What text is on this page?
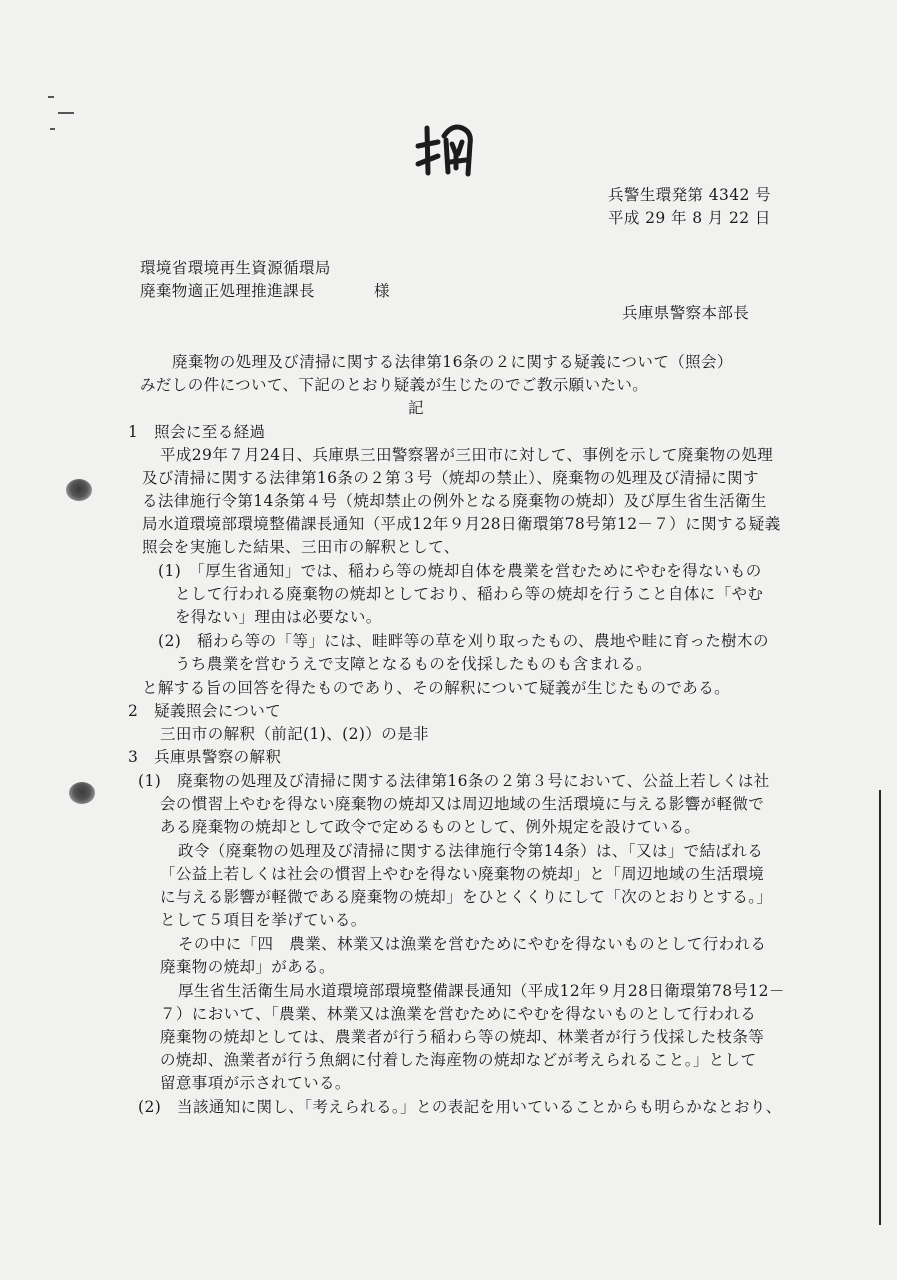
兵警生環発第 4342 号
平成 29 年 8 月 22 日
環境省環境再生資源循環局
廃棄物適正処理推進課長	様
兵庫県警察本部長
廃棄物の処理及び清掃に関する法律第16条の２に関する疑義について（照会）
みだしの件について、下記のとおり疑義が生じたのでご教示願いたい。
記
1　照会に至る経過
平成29年７月24日、兵庫県三田警察署が三田市に対して、事例を示して廃棄物の処理
及び清掃に関する法律第16条の２第３号（焼却の禁止）、廃棄物の処理及び清掃に関す
る法律施行令第14条第４号（焼却禁止の例外となる廃棄物の焼却）及び厚生省生活衛生
局水道環境部環境整備課長通知（平成12年９月28日衛環第78号第12－７）に関する疑義
照会を実施した結果、三田市の解釈として、
(1)　「厚生省通知」では、稲わら等の焼却自体を農業を営むためにやむを得ないもの
として行われる廃棄物の焼却としており、稲わら等の焼却を行うこと自体に「やむ
を得ない」理由は必要ない。
(2)　稲わら等の「等」には、畦畔等の草を刈り取ったもの、農地や畦に育った樹木の
うち農業を営むうえで支障となるものを伐採したものも含まれる。
と解する旨の回答を得たものであり、その解釈について疑義が生じたものである。
2　疑義照会について
三田市の解釈（前記(1)、(2)）の是非
3　兵庫県警察の解釈
(1)　廃棄物の処理及び清掃に関する法律第16条の２第３号において、公益上若しくは社
会の慣習上やむを得ない廃棄物の焼却又は周辺地域の生活環境に与える影響が軽微で
ある廃棄物の焼却として政令で定めるものとして、例外規定を設けている。
政令（廃棄物の処理及び清掃に関する法律施行令第14条）は、「又は」で結ばれる
「公益上若しくは社会の慣習上やむを得ない廃棄物の焼却」と「周辺地域の生活環境
に与える影響が軽微である廃棄物の焼却」をひとくくりにして「次のとおりとする。」
として５項目を挙げている。
その中に「四　農業、林業又は漁業を営むためにやむを得ないものとして行われる
廃棄物の焼却」がある。
厚生省生活衛生局水道環境部環境整備課長通知（平成12年９月28日衛環第78号12－
７）において、「農業、林業又は漁業を営むためにやむを得ないものとして行われる
廃棄物の焼却としては、農業者が行う稲わら等の焼却、林業者が行う伐採した枝条等
の焼却、漁業者が行う魚網に付着した海産物の焼却などが考えられること。」として
留意事項が示されている。
(2)　当該通知に関し、「考えられる。」との表記を用いていることからも明らかなとおり、
